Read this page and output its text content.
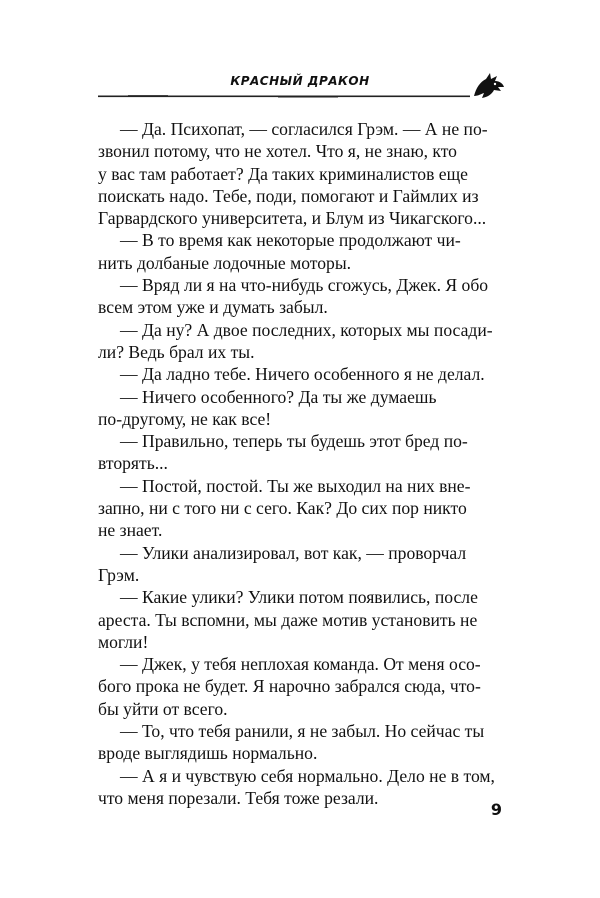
КРАСНЫЙ ДРАКОН
— Да. Психопат, — согласился Грэм. — А не по-
звонил потому, что не хотел. Что я, не знаю, кто
у вас там работает? Да таких криминалистов еще
поискать надо. Тебе, поди, помогают и Гаймлих из
Гарвардского университета, и Блум из Чикагского...
— В то время как некоторые продолжают чи-
нить долбаные лодочные моторы.
— Вряд ли я на что-нибудь сгожусь, Джек. Я обо
всем этом уже и думать забыл.
— Да ну? А двое последних, которых мы посади-
ли? Ведь брал их ты.
— Да ладно тебе. Ничего особенного я не делал.
— Ничего особенного? Да ты же думаешь
по-другому, не как все!
— Правильно, теперь ты будешь этот бред по-
вторять...
— Постой, постой. Ты же выходил на них вне-
запно, ни с того ни с сего. Как? До сих пор никто
не знает.
— Улики анализировал, вот как, — проворчал
Грэм.
— Какие улики? Улики потом появились, после
ареста. Ты вспомни, мы даже мотив установить не
могли!
— Джек, у тебя неплохая команда. От меня осо-
бого прока не будет. Я нарочно забрался сюда, что-
бы уйти от всего.
— То, что тебя ранили, я не забыл. Но сейчас ты
вроде выглядишь нормально.
— А я и чувствую себя нормально. Дело не в том,
что меня порезали. Тебя тоже резали.
9
